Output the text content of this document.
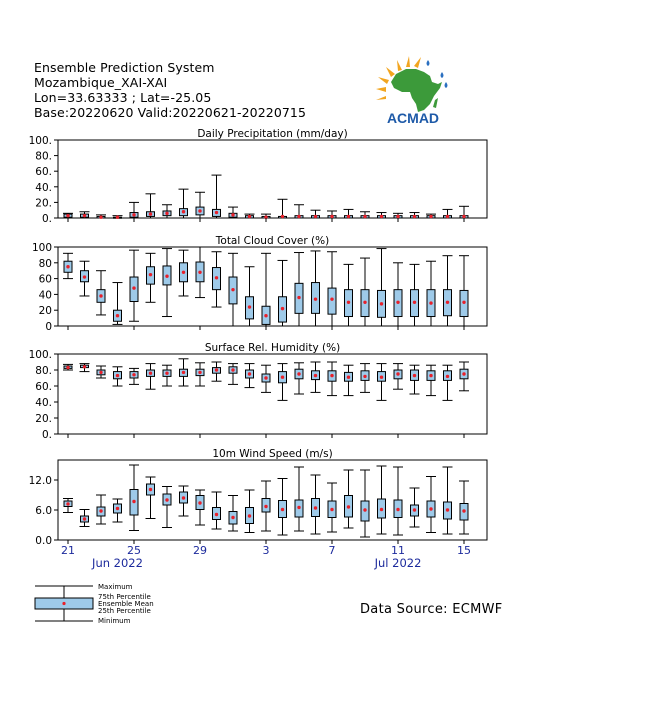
Ensemble Prediction System
Mozambique_XAI-XAI
Lon=33.63333 ; Lat=-25.05
Base:20220620 Valid:20220621-20220715	ACMAD
Daily Precipitation (mm/day)
0.
20.
40.
60.
80.
100.
Total Cloud Cover (%)
0
20
40
60
80
100
Surface Rel. Humidity (%)
0.
20.
40.
60.
80.
100.
10m Wind Speed (m/s)
0.0
6.0
12.0
21	25	29	3	7	11	15
Jun 2022	Jul 2022
Maximum
75th Percentile
Ensemble Mean
25th Percentile
Minimum
Data Source: ECMWF
